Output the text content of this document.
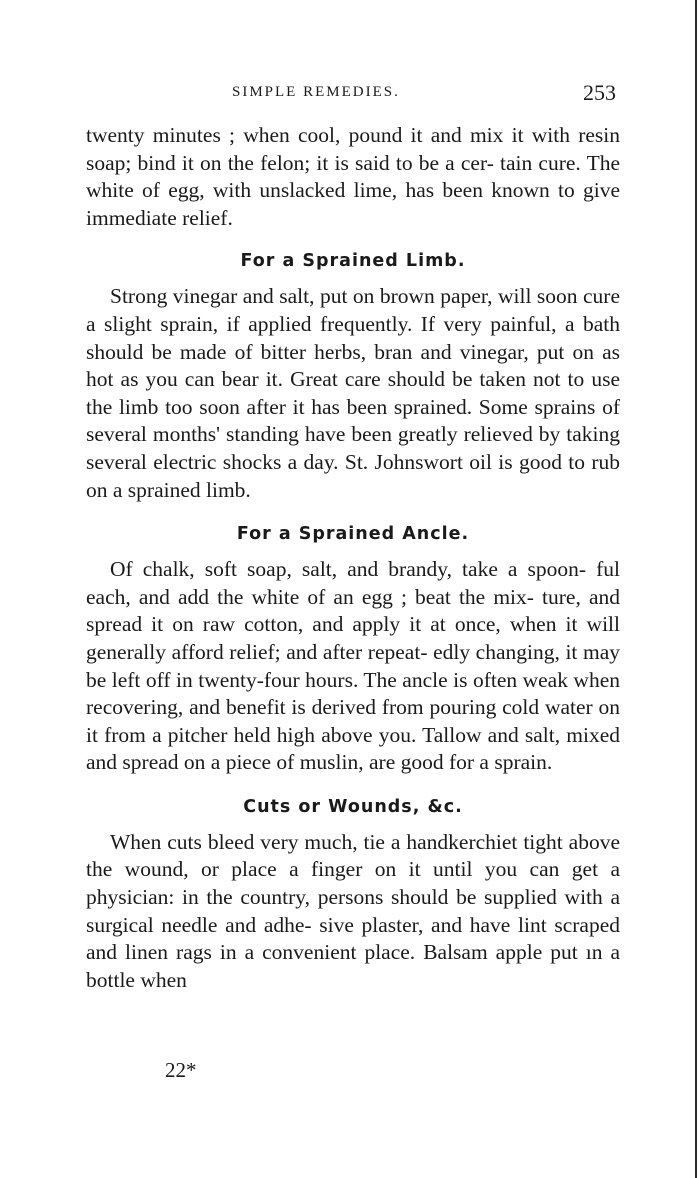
SIMPLE REMEDIES.	253

twenty minutes ; when cool, pound it and mix it with resin soap; bind it on the felon; it is said to be a cer- tain cure. The white of egg, with unslacked lime, has been known to give immediate relief.

For a Sprained Limb.

Strong vinegar and salt, put on brown paper, will soon cure a slight sprain, if applied frequently. If very painful, a bath should be made of bitter herbs, bran and vinegar, put on as hot as you can bear it. Great care should be taken not to use the limb too soon after it has been sprained. Some sprains of several months' standing have been greatly relieved by taking several electric shocks a day. St. Johnswort oil is good to rub on a sprained limb.

For a Sprained Ancle.

Of chalk, soft soap, salt, and brandy, take a spoon- ful each, and add the white of an egg ; beat the mix- ture, and spread it on raw cotton, and apply it at once, when it will generally afford relief; and after repeat- edly changing, it may be left off in twenty-four hours. The ancle is often weak when recovering, and benefit is derived from pouring cold water on it from a pitcher held high above you. Tallow and salt, mixed and spread on a piece of muslin, are good for a sprain.

Cuts or Wounds, &c.

When cuts bleed very much, tie a handkerchiet tight above the wound, or place a finger on it until you can get a physician: in the country, persons should be supplied with a surgical needle and adhe- sive plaster, and have lint scraped and linen rags in a convenient place. Balsam apple put ın a bottle when

22*
